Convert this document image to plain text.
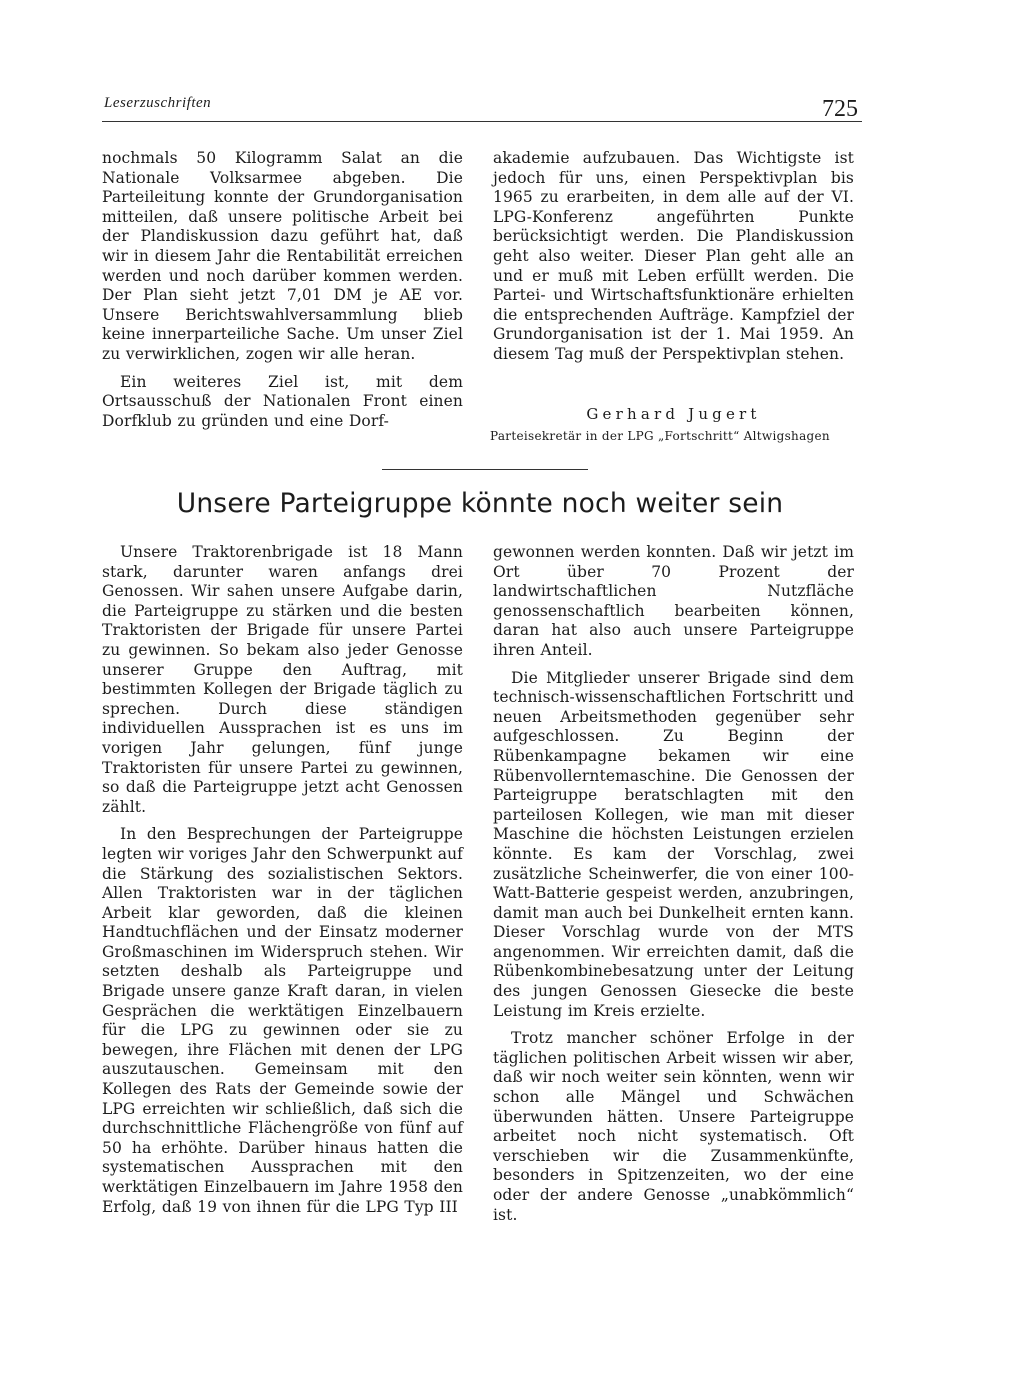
Leserzuschriften	725

nochmals 50 Kilogramm Salat an die Nationale Volksarmee abgeben. Die Parteileitung konnte der Grundorganisation mitteilen, daß unsere politische Arbeit bei der Plandiskussion dazu geführt hat, daß wir in diesem Jahr die Rentabilität erreichen werden und noch darüber kommen werden. Der Plan sieht jetzt 7,01 DM je AE vor. Unsere Berichtswahlversammlung blieb keine innerparteiliche Sache. Um unser Ziel zu verwirklichen, zogen wir alle heran.

Ein weiteres Ziel ist, mit dem Ortsausschuß der Nationalen Front einen Dorfklub zu gründen und eine Dorf-

akademie aufzubauen. Das Wichtigste ist jedoch für uns, einen Perspektivplan bis 1965 zu erarbeiten, in dem alle auf der VI. LPG-Konferenz angeführten Punkte berücksichtigt werden. Die Plandiskussion geht also weiter. Dieser Plan geht alle an und er muß mit Leben erfüllt werden. Die Partei- und Wirtschaftsfunktionäre erhielten die entsprechenden Aufträge. Kampfziel der Grundorganisation ist der 1. Mai 1959. An diesem Tag muß der Perspektivplan stehen.

Gerhard Jugert
Parteisekretär in der LPG „Fortschritt“ Altwigshagen
Unsere Parteigruppe könnte noch weiter sein

Unsere Traktorenbrigade ist 18 Mann stark, darunter waren anfangs drei Genossen. Wir sahen unsere Aufgabe darin, die Parteigruppe zu stärken und die besten Traktoristen der Brigade für unsere Partei zu gewinnen. So bekam also jeder Genosse unserer Gruppe den Auftrag, mit bestimmten Kollegen der Brigade täglich zu sprechen. Durch diese ständigen individuellen Aussprachen ist es uns im vorigen Jahr gelungen, fünf junge Traktoristen für unsere Partei zu gewinnen, so daß die Parteigruppe jetzt acht Genossen zählt.

In den Besprechungen der Parteigruppe legten wir voriges Jahr den Schwerpunkt auf die Stärkung des sozialistischen Sektors. Allen Traktoristen war in der täglichen Arbeit klar geworden, daß die kleinen Handtuchflächen und der Einsatz moderner Großmaschinen im Widerspruch stehen. Wir setzten deshalb als Parteigruppe und Brigade unsere ganze Kraft daran, in vielen Gesprächen die werktätigen Einzelbauern für die LPG zu gewinnen oder sie zu bewegen, ihre Flächen mit denen der LPG auszutauschen. Gemeinsam mit den Kollegen des Rats der Gemeinde sowie der LPG erreichten wir schließlich, daß sich die durchschnittliche Flächengröße von fünf auf 50 ha erhöhte. Darüber hinaus hatten die systematischen Aussprachen mit den werktätigen Einzelbauern im Jahre 1958 den Erfolg, daß 19 von ihnen für die LPG Typ III

gewonnen werden konnten. Daß wir jetzt im Ort über 70 Prozent der landwirtschaftlichen Nutzfläche genossenschaftlich bearbeiten können, daran hat also auch unsere Parteigruppe ihren Anteil.

Die Mitglieder unserer Brigade sind dem technisch-wissenschaftlichen Fortschritt und neuen Arbeitsmethoden gegenüber sehr aufgeschlossen. Zu Beginn der Rübenkampagne bekamen wir eine Rübenvollerntemaschine. Die Genossen der Parteigruppe beratschlagten mit den parteilosen Kollegen, wie man mit dieser Maschine die höchsten Leistungen erzielen könnte. Es kam der Vorschlag, zwei zusätzliche Scheinwerfer, die von einer 100-Watt-Batterie gespeist werden, anzubringen, damit man auch bei Dunkelheit ernten kann. Dieser Vorschlag wurde von der MTS angenommen. Wir erreichten damit, daß die Rübenkombinebesatzung unter der Leitung des jungen Genossen Giesecke die beste Leistung im Kreis erzielte.

Trotz mancher schöner Erfolge in der täglichen politischen Arbeit wissen wir aber, daß wir noch weiter sein könnten, wenn wir schon alle Mängel und Schwächen überwunden hätten. Unsere Parteigruppe arbeitet noch nicht systematisch. Oft verschieben wir die Zusammenkünfte, besonders in Spitzenzeiten, wo der eine oder der andere Genosse „unabkömmlich“ ist.
